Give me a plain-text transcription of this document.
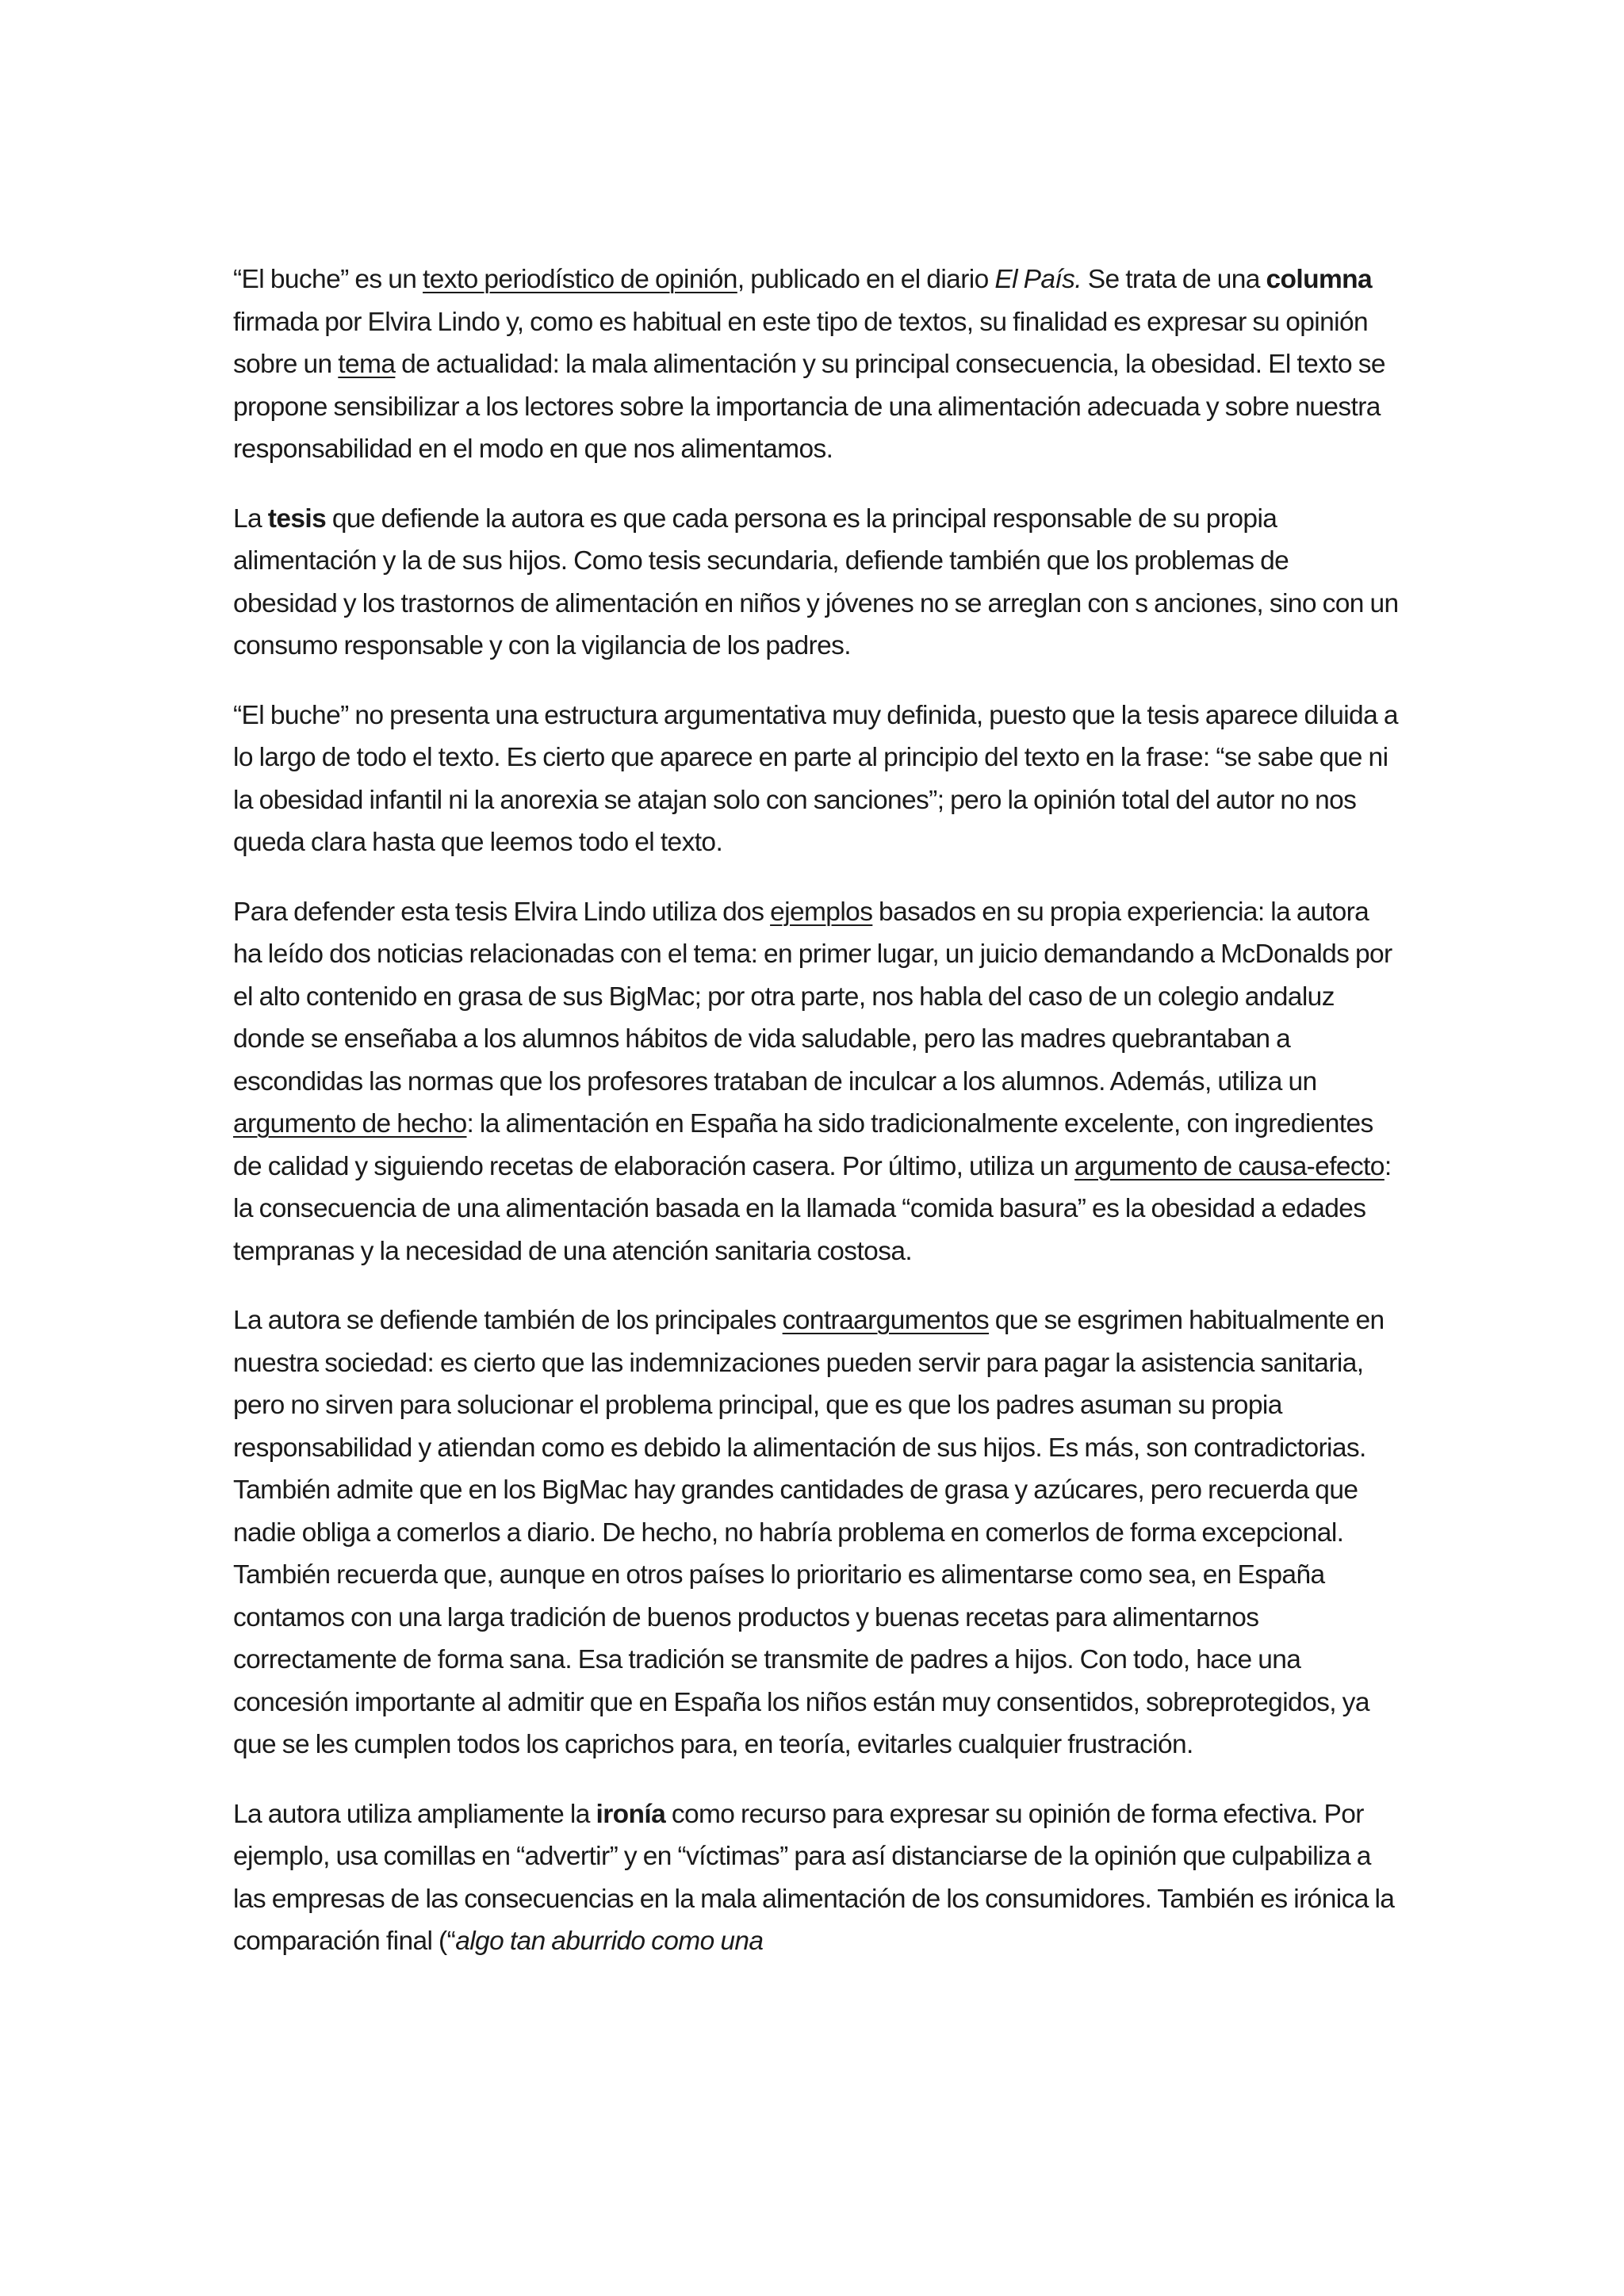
“El buche” es un texto periodístico de opinión, publicado en el diario El País. Se trata de una columna firmada por Elvira Lindo y, como es habitual en este tipo de textos, su finalidad es expresar su opinión sobre un tema de actualidad: la mala alimentación y su principal consecuencia, la obesidad. El texto se propone sensibilizar a los lectores sobre la importancia de una alimentación adecuada y sobre nuestra responsabilidad en el modo en que nos alimentamos.

La tesis que defiende la autora es que cada persona es la principal responsable de su propia alimentación y la de sus hijos. Como tesis secundaria, defiende también que los problemas de obesidad y los trastornos de alimentación en niños y jóvenes no se arreglan con s anciones, sino con un consumo responsable y con la vigilancia de los padres.

“El buche” no presenta una estructura argumentativa muy definida, puesto que la tesis aparece diluida a lo largo de todo el texto. Es cierto que aparece en parte al principio del texto en la frase: “se sabe que ni la obesidad infantil ni la anorexia se atajan solo con sanciones”; pero la opinión total del autor no nos queda clara hasta que leemos todo el texto.

Para defender esta tesis Elvira Lindo utiliza dos ejemplos basados en su propia experiencia: la autora ha leído dos noticias relacionadas con el tema: en primer lugar, un juicio demandando a McDonalds por el alto contenido en grasa de sus BigMac; por otra parte, nos habla del caso de un colegio andaluz donde se enseñaba a los alumnos hábitos de vida saludable, pero las madres quebrantaban a escondidas las normas que los profesores trataban de inculcar a los alumnos. Además, utiliza un argumento de hecho: la alimentación en España ha sido tradicionalmente excelente, con ingredientes de calidad y siguiendo recetas de elaboración casera. Por último, utiliza un argumento de causa-efecto: la consecuencia de una alimentación basada en la llamada “comida basura” es la obesidad a edades tempranas y la necesidad de una atención sanitaria costosa.

La autora se defiende también de los principales contraargumentos que se esgrimen habitualmente en nuestra sociedad: es cierto que las indemnizaciones pueden servir para pagar la asistencia sanitaria, pero no sirven para solucionar el problema principal, que es que los padres asuman su propia responsabilidad y atiendan como es debido la alimentación de sus hijos. Es más, son contradictorias. También admite que en los BigMac hay grandes cantidades de grasa y azúcares, pero recuerda que nadie obliga a comerlos a diario. De hecho, no habría problema en comerlos de forma excepcional. También recuerda que, aunque en otros países lo prioritario es alimentarse como sea, en España contamos con una larga tradición de buenos productos y buenas recetas para alimentarnos correctamente de forma sana. Esa tradición se transmite de padres a hijos. Con todo, hace una concesión importante al admitir que en España los niños están muy consentidos, sobreprotegidos, ya que se les cumplen todos los caprichos para, en teoría, evitarles cualquier frustración.

La autora utiliza ampliamente la ironía como recurso para expresar su opinión de forma efectiva. Por ejemplo, usa comillas en “advertir” y en “víctimas” para así distanciarse de la opinión que culpabiliza a las empresas de las consecuencias en la mala alimentación de los consumidores. También es irónica la comparación final (“algo tan aburrido como una
